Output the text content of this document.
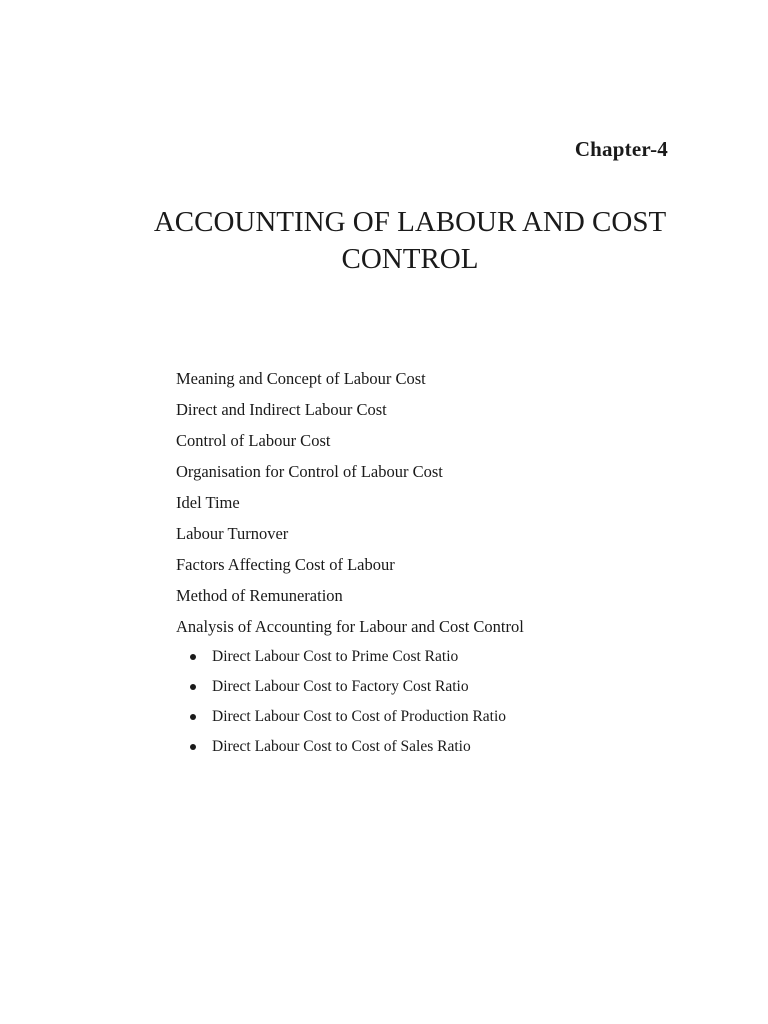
Chapter-4
ACCOUNTING OF LABOUR AND COST
CONTROL
Meaning and Concept of Labour Cost
Direct and Indirect Labour Cost
Control of Labour Cost
Organisation for Control of Labour Cost
Idel Time
Labour Turnover
Factors Affecting Cost of Labour
Method of Remuneration
Analysis of Accounting for Labour and Cost Control
Direct Labour Cost to Prime Cost Ratio
Direct Labour Cost to Factory Cost Ratio
Direct Labour Cost to Cost of Production Ratio
Direct Labour Cost to Cost of Sales Ratio
